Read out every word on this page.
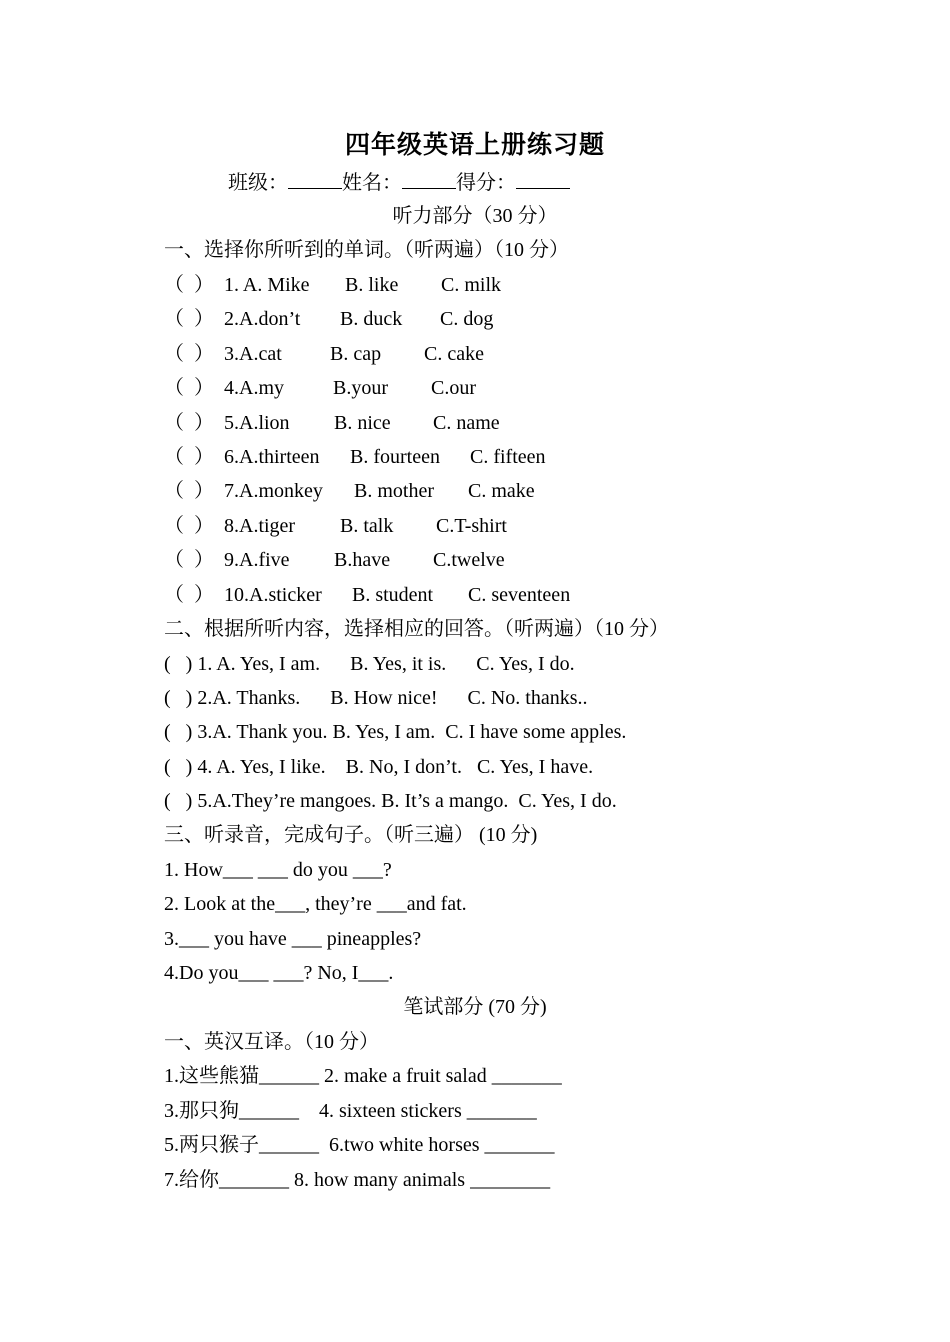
四年级英语上册练习题
班级：	姓名：	得分：
听力部分（30 分）
一、选择你所听到的单词。（听两遍）（10 分）
（  ） 1. A. Mike B. like C. milk
（  ） 2.A.don’t B. duck C. dog
（  ） 3.A.cat B. cap C. cake
（  ） 4.A.my B.your C.our
（  ） 5.A.lion B. nice C. name
（  ） 6.A.thirteen B. fourteen C. fifteen
（  ） 7.A.monkey B. mother C. make
（  ） 8.A.tiger B. talk C.T-shirt
（  ） 9.A.five B.have C.twelve
（  ） 10.A.sticker B. student C. seventeen
二、根据所听内容，选择相应的回答。（听两遍）（10 分）
(   ) 1. A. Yes, I am.      B. Yes, it is.      C. Yes, I do.
(   ) 2.A. Thanks.      B. How nice!      C. No. thanks..
(   ) 3.A. Thank you. B. Yes, I am.  C. I have some apples.
(   ) 4. A. Yes, I like.    B. No, I don’t.   C. Yes, I have.
(   ) 5.A.They’re mangoes. B. It’s a mango.  C. Yes, I do.
三、听录音，完成句子。（听三遍） (10 分)
1. How___ ___ do you ___?
2. Look at the___, they’re ___and fat.
3.___ you have ___ pineapples?
4.Do you___ ___? No, I___.
笔试部分 (70 分)
一、英汉互译。（10 分）
1.这些熊猫______ 2. make a fruit salad _______
3.那只狗______    4. sixteen stickers _______
5.两只猴子______  6.two white horses _______
7.给你_______ 8. how many animals ________
